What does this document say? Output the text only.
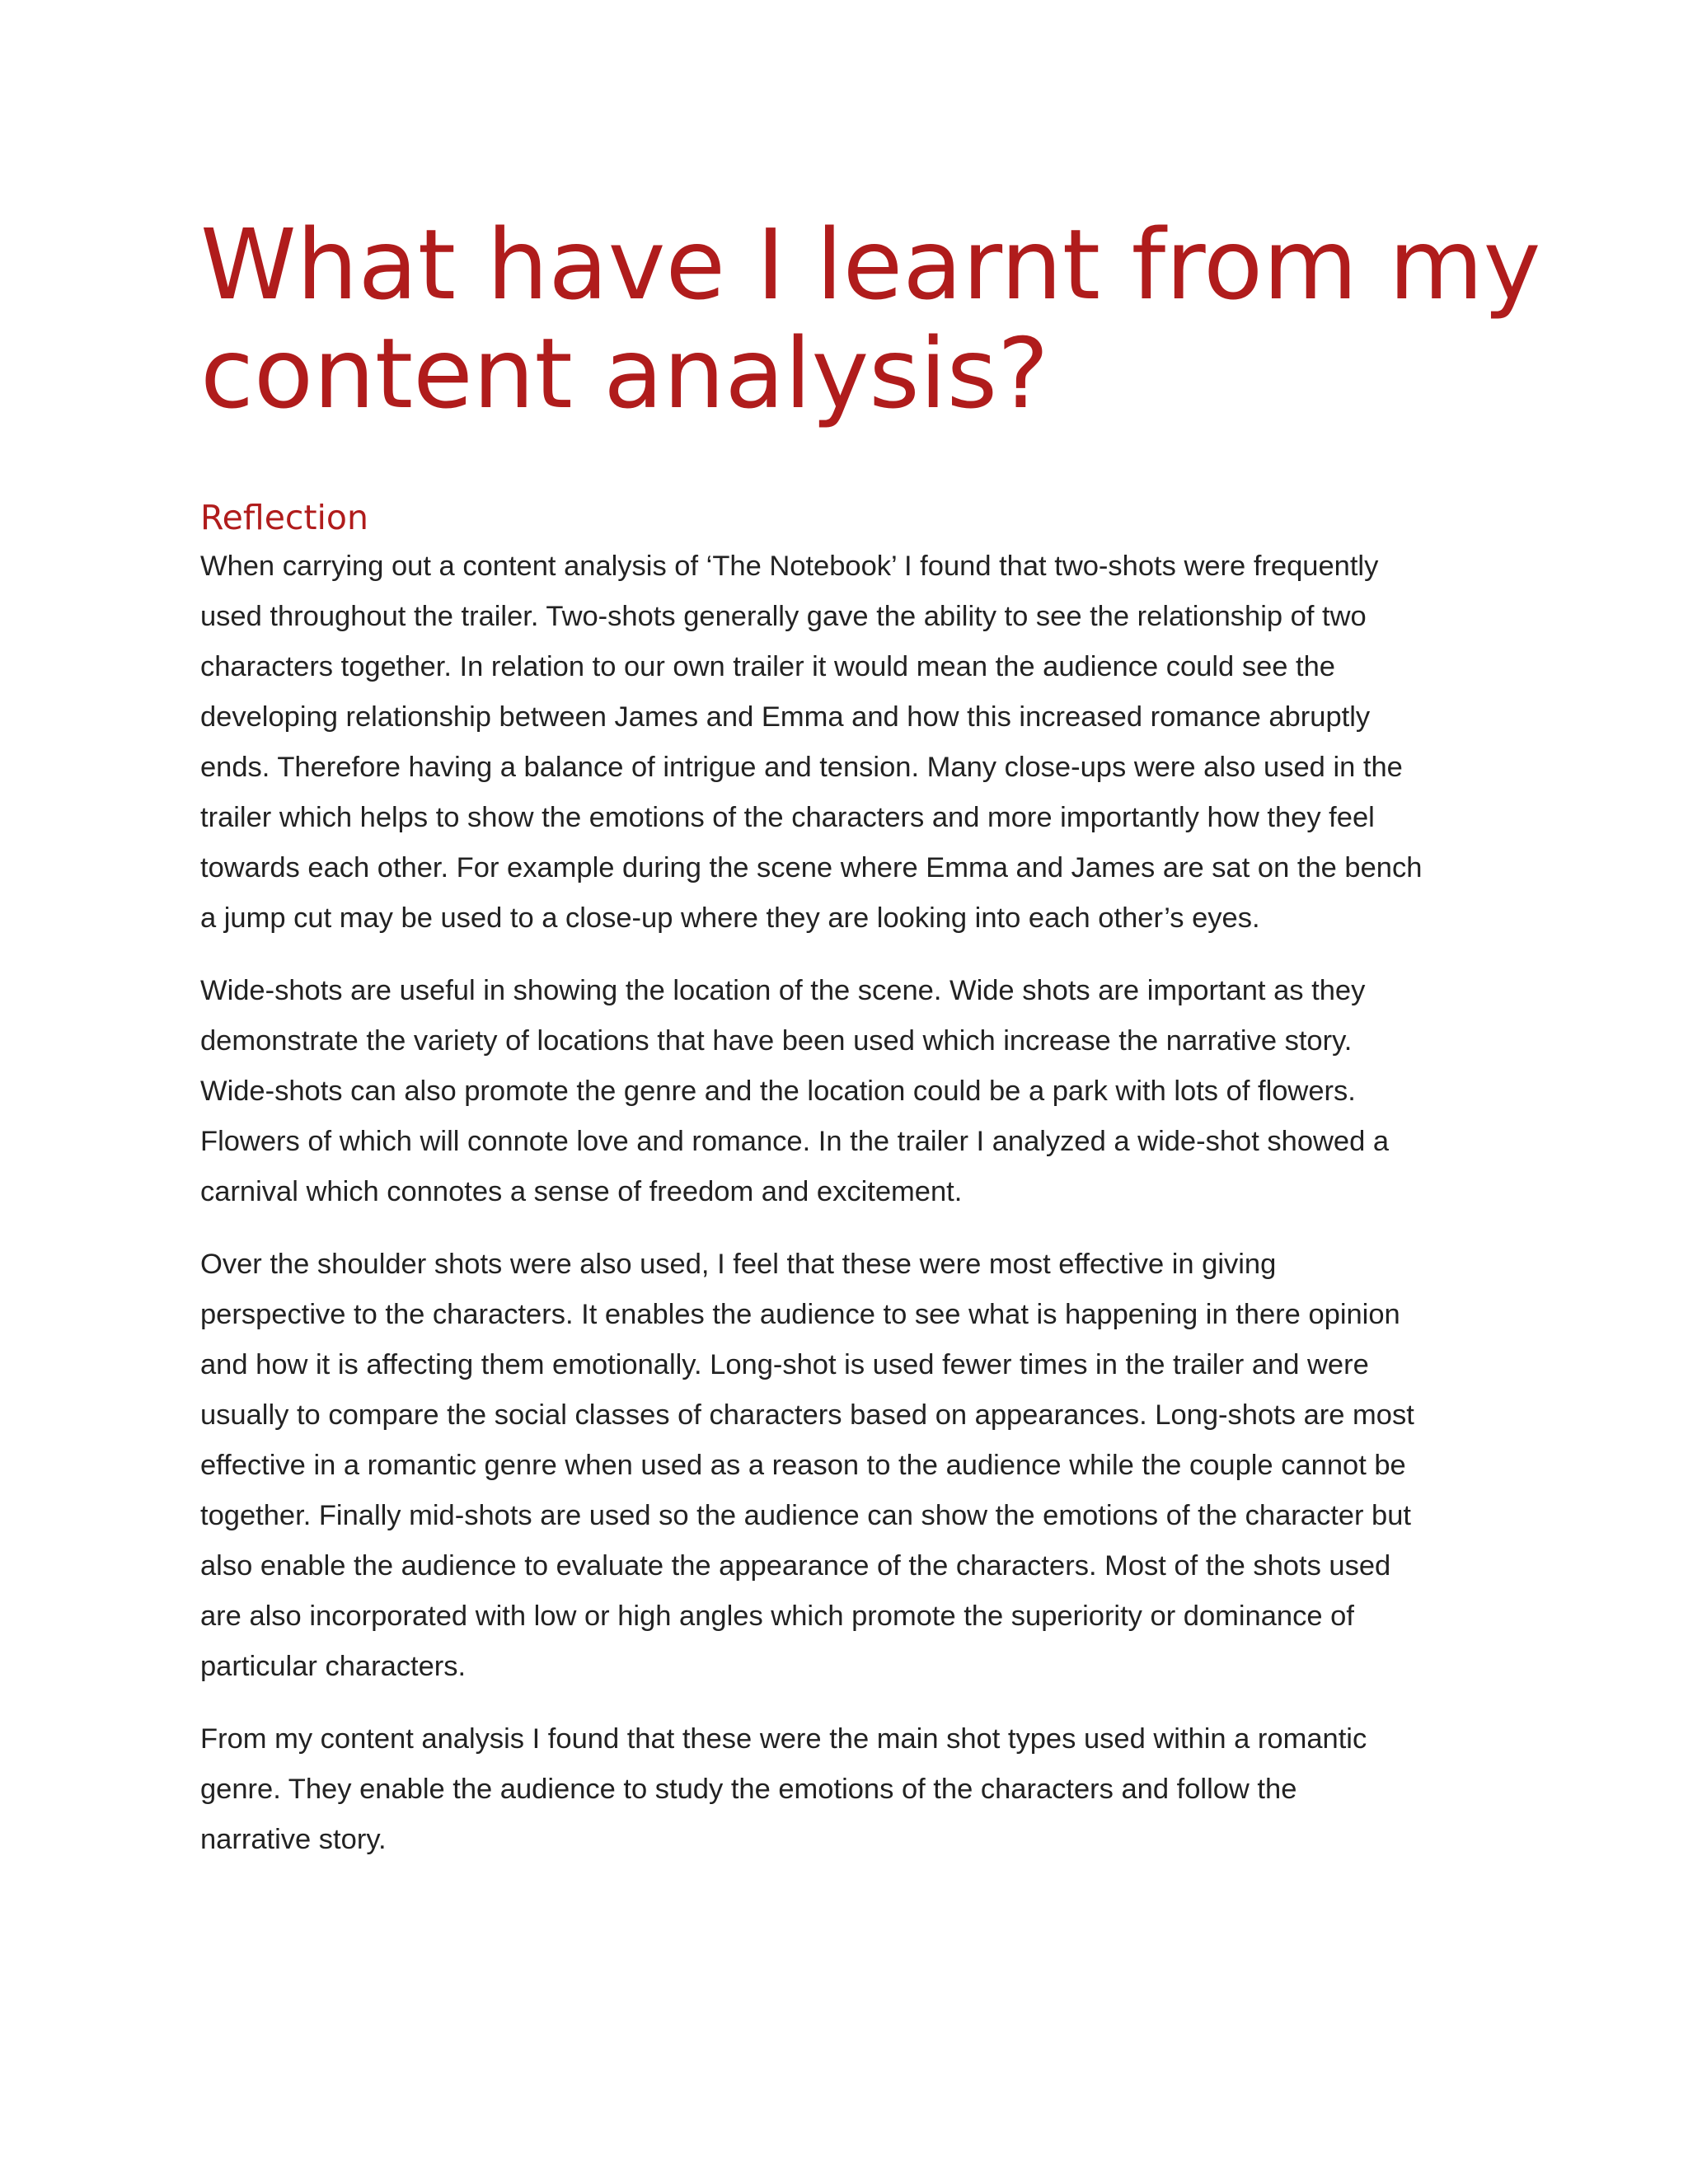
What have I learnt from my
content analysis?
Reflection

When carrying out a content analysis of ‘The Notebook’ I found that two-shots were frequently
used throughout the trailer. Two-shots generally gave the ability to see the relationship of two
characters together. In relation to our own trailer it would mean the audience could see the
developing relationship between James and Emma and how this increased romance abruptly
ends. Therefore having a balance of intrigue and tension. Many close-ups were also used in the
trailer which helps to show the emotions of the characters and more importantly how they feel
towards each other. For example during the scene where Emma and James are sat on the bench
a jump cut may be used to a close-up where they are looking into each other’s eyes.

Wide-shots are useful in showing the location of the scene. Wide shots are important as they
demonstrate the variety of locations that have been used which increase the narrative story.
Wide-shots can also promote the genre and the location could be a park with lots of flowers.
Flowers of which will connote love and romance. In the trailer I analyzed a wide-shot showed a
carnival which connotes a sense of freedom and excitement.

Over the shoulder shots were also used, I feel that these were most effective in giving
perspective to the characters. It enables the audience to see what is happening in there opinion
and how it is affecting them emotionally. Long-shot is used fewer times in the trailer and were
usually to compare the social classes of characters based on appearances. Long-shots are most
effective in a romantic genre when used as a reason to the audience while the couple cannot be
together. Finally mid-shots are used so the audience can show the emotions of the character but
also enable the audience to evaluate the appearance of the characters. Most of the shots used
are also incorporated with low or high angles which promote the superiority or dominance of
particular characters.

From my content analysis I found that these were the main shot types used within a romantic
genre. They enable the audience to study the emotions of the characters and follow the
narrative story.
